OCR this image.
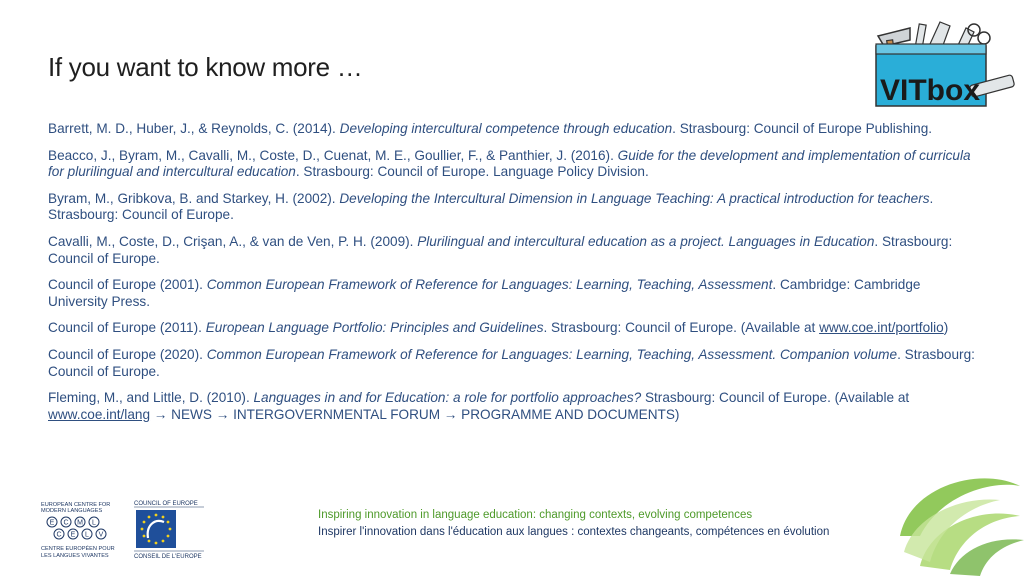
If you want to know more …

Barrett, M. D., Huber, J., & Reynolds, C. (2014). Developing intercultural competence through education. Strasbourg: Council of Europe Publishing.

Beacco, J., Byram, M., Cavalli, M., Coste, D., Cuenat, M. E., Goullier, F., & Panthier, J. (2016). Guide for the development and implementation of curricula for plurilingual and intercultural education. Strasbourg: Council of Europe. Language Policy Division.

Byram, M., Gribkova, B. and Starkey, H. (2002). Developing the Intercultural Dimension in Language Teaching: A practical introduction for teachers. Strasbourg: Council of Europe.

Cavalli, M., Coste, D., Crişan, A., & van de Ven, P. H. (2009). Plurilingual and intercultural education as a project. Languages in Education. Strasbourg: Council of Europe.

Council of Europe (2001). Common European Framework of Reference for Languages: Learning, Teaching, Assessment. Cambridge: Cambridge University Press.

Council of Europe (2011). European Language Portfolio: Principles and Guidelines. Strasbourg: Council of Europe. (Available at www.coe.int/portfolio)

Council of Europe (2020). Common European Framework of Reference for Languages: Learning, Teaching, Assessment. Companion volume. Strasbourg: Council of Europe.

Fleming, M., and Little, D. (2010). Languages in and for Education: a role for portfolio approaches? Strasbourg: Council of Europe. (Available at www.coe.int/lang → NEWS → INTERGOVERNMENTAL FORUM → PROGRAMME AND DOCUMENTS)

VITbox
EUROPEAN CENTRE FOR
MODERN LANGUAGES
E C M L
C E L V
CENTRE EUROPÉEN POUR
LES LANGUES VIVANTES
COUNCIL OF EUROPE
CONSEIL DE L'EUROPE
Inspiring innovation in language education: changing contexts, evolving competences
Inspirer l'innovation dans l'éducation aux langues : contextes changeants, compétences en évolution
